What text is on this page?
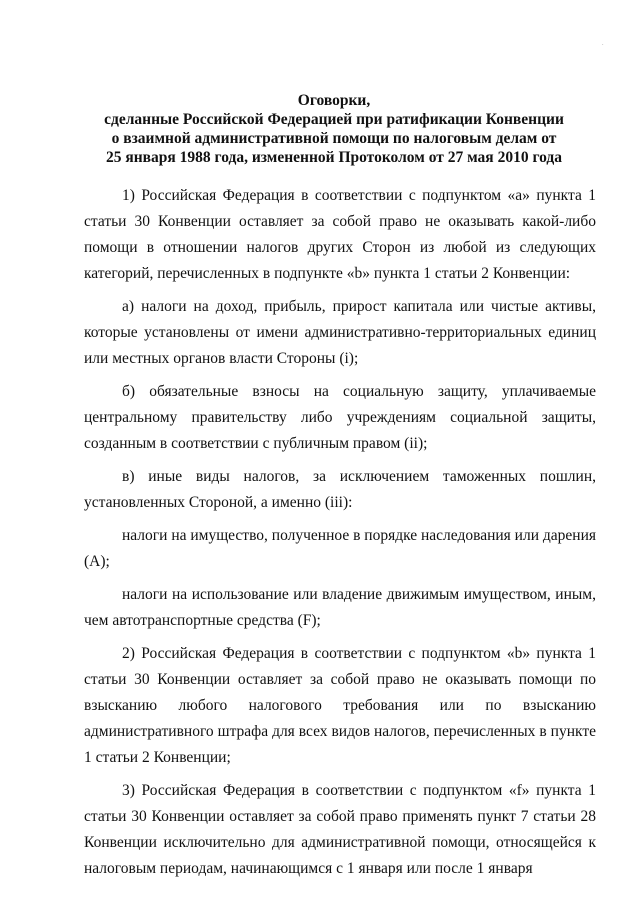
·
Оговорки,
сделанные Российской Федерацией при ратификации Конвенции
о взаимной административной помощи по налоговым делам от
25 января 1988 года, измененной Протоколом от 27 мая 2010 года

1) Российская Федерация в соответствии с подпунктом «а» пункта 1 статьи 30 Конвенции оставляет за собой право не оказывать какой-либо помощи в отношении налогов других Сторон из любой из следующих категорий, перечисленных в подпункте «b» пункта 1 статьи 2 Конвенции:

а) налоги на доход, прибыль, прирост капитала или чистые активы, которые установлены от имени административно-территориальных единиц или местных органов власти Стороны (i);

б) обязательные взносы на социальную защиту, уплачиваемые центральному правительству либо учреждениям социальной защиты, созданным в соответствии с публичным правом (ii);

в) иные виды налогов, за исключением таможенных пошлин, установленных Стороной, а именно (iii):

налоги на имущество, полученное в порядке наследования или дарения (А);

налоги на использование или владение движимым имуществом, иным, чем автотранспортные средства (F);

2) Российская Федерация в соответствии с подпунктом «b» пункта 1 статьи 30 Конвенции оставляет за собой право не оказывать помощи по взысканию любого налогового требования или по взысканию административного штрафа для всех видов налогов, перечисленных в пункте 1 статьи 2 Конвенции;

3) Российская Федерация в соответствии с подпунктом «f» пункта 1 статьи 30 Конвенции оставляет за собой право применять пункт 7 статьи 28 Конвенции исключительно для административной помощи, относящейся к налоговым периодам, начинающимся с 1 января или после 1 января
